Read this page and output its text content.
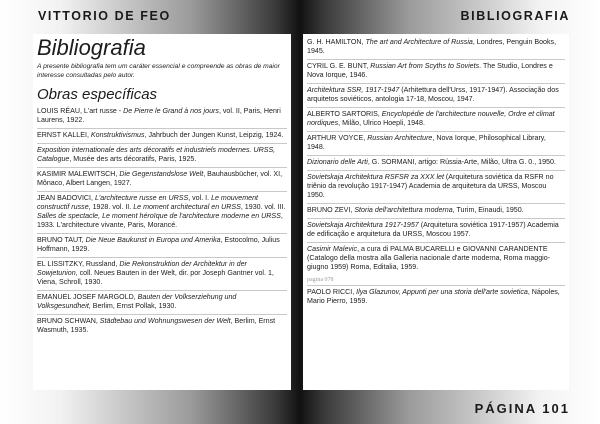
VITTORIO DE FEO	BIBLIOGRAFIA
Bibliografia

A presente bibliografia tem um caráter essencial e compreende as obras de maior interesse consultadas pelo autor.

Obras específicas
LOUIS RÉAU, L'art russe - De Pierre le Grand à nos jours, vol. II, Paris, Henri Laurens, 1922.
ERNST KALLEI, Konstruktivismus, Jahrbuch der Jungen Kunst, Leipzig, 1924.
Exposition internationale des arts décoratifs et industriels modernes. URSS, Catalogue, Musée des arts décoratifs, Paris, 1925.
KASIMIR MALEWITSCH, Die Gegenstandslose Welt, Bauhausbücher, vol. XI, Mônaco, Albert Langen, 1927.
JEAN BADOVICI, L'architecture russe en URSS, vol. I. Le mouvement constructif russe, 1928. vol. II. Le moment architectural en URSS, 1930. vol. III. Salles de spectacle, Le moment héroïque de l'architecture moderne en URSS, 1933. L'architecture vivante, Paris, Morancé.
BRUNO TAUT, Die Neue Baukunst in Europa und Amerika, Estocolmo, Julius Hoffmann, 1929.
EL LISSITZKY, Russland, Die Rekonstruktion der Architektur in der Sowjetunion, coll. Neues Bauten in der Welt, dir. por Joseph Gantner vol. 1, Viena, Schroll, 1930.
EMANUEL JOSEF MARGOLD, Bauten der Volkserziehung und Volksgesundheit, Berlim, Ernst Pollak, 1930.
BRUNO SCHWAN, Städtebau und Wohnungswesen der Welt, Berlim, Ernst Wasmuth, 1935.
G. H. HAMILTON, The art and Architecture of Russia, Londres, Penguin Books, 1945.
CYRIL G. E. BUNT, Russian Art from Scyths to Soviets. The Studio, Londres e Nova Iorque, 1946.
Architektura SSR, 1917-1947 (Arhitettura dell'Urss, 1917-1947). Associação dos arquitetos soviéticos, antologia 17-18, Moscou, 1947.
ALBERTO SARTORIS, Encyclopédie de l'architecture nouvelle, Ordre et climat nordiques, Milão, Ulrico Hoepli, 1948.
ARTHUR VOYCE, Russian Architecture, Nova Iorque, Philosophical Library, 1948.
Dizionario delle Arti, G. SORMANI, artigo: Rússia-Arte, Milão, Ultra G. 0., 1950.
Sovietskaja Architektura RSFSR za XXX let (Arquitetura soviética da RSFR no triênio da revolução 1917-1947) Academia de arquitetura da URSS, Moscou 1950.
BRUNO ZEVI, Storia dell'architettura moderna, Turim, Einaudi, 1950.
Sovietskaja Architektura 1917-1957 (Arquitetura soviética 1917-1957) Academia de edificação e arquitetura da URSS, Moscou 1957.
Casimir Malevic, a cura di PALMA BUCARELLI e GIOVANNI CARANDENTE (Catalogo della mostra alla Galleria nacionale d'arte moderna, Roma maggio-giugno 1959) Roma, Editalia, 1959.
pagina 078
PAOLO RICCI, Ilya Glazunov, Appunti per una storia dell'arte sovietica, Nápoles, Mario Pierro, 1959.
PÁGINA 101
